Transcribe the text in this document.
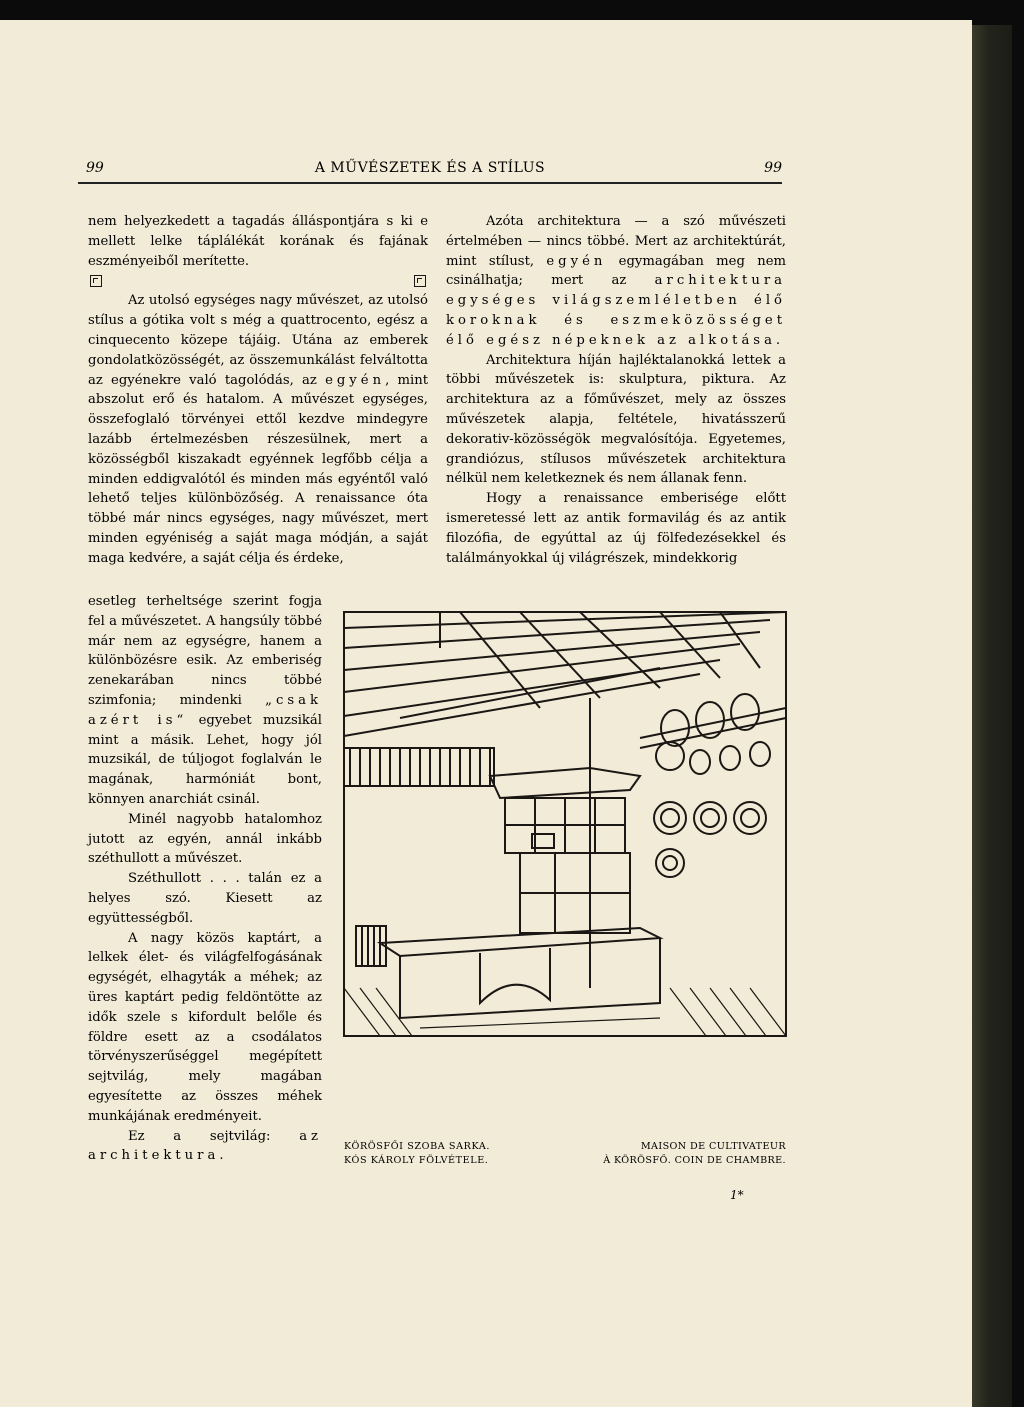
99	A MŰVÉSZETEK ÉS A STÍLUS	99

nem helyezkedett a tagadás álláspontjára s ki e mellett lelke táplálékát korának és fajának eszményeiből merítette.

Az utolsó egységes nagy művészet, az utolsó stílus a gótika volt s még a quattrocento, egész a cinquecento közepe tájáig. Utána az emberek gondolatközösségét, az összemunkálást felváltotta az egyénekre való tagolódás, az egyén, mint abszolut erő és hatalom. A művészet egységes, összefoglaló törvényei ettől kezdve mindegyre lazább értelmezésben részesülnek, mert a közösségből kiszakadt egyénnek legfőbb célja a minden eddigvalótól és minden más egyéntől való lehető teljes különbözőség. A renaissance óta többé már nincs egységes, nagy művészet, mert minden egyéniség a saját maga módján, a saját maga kedvére, a saját célja és érdeke,

esetleg terheltsége szerint fogja fel a művészetet. A hangsúly többé már nem az egységre, hanem a különbözésre esik. Az emberiség zenekarában nincs többé szimfonia; mindenki „csak azért is“ egyebet muzsikál mint a másik. Lehet, hogy jól muzsikál, de túljogot foglalván le magának, harmóniát bont, könnyen anarchiát csinál.

Minél nagyobb hatalomhoz jutott az egyén, annál inkább széthullott a művészet.

Széthullott . . . talán ez a helyes szó. Kiesett az együttességből.

A nagy közös kaptárt, a lelkek élet- és világfelfogásának egységét, elhagyták a méhek; az üres kaptárt pedig feldöntötte az idők szele s kifordult belőle és földre esett az a csodálatos törvényszerűséggel megépített sejtvilág, mely magában egyesítette az összes méhek munkájának eredményeit.

Ez a sejtvilág: az architektura.

Azóta architektura — a szó művészeti értelmében — nincs többé. Mert az architektúrát, mint stílust, egyén egymagában meg nem csinálhatja; mert az architektura egységes világszemléletben élő koroknak és eszmeközösséget élő egész népeknek az alkotása.

Architektura híján hajléktalanokká lettek a többi művészetek is: skulptura, piktura. Az architektura az a főművészet, mely az összes művészetek alapja, feltétele, hivatásszerű dekorativ-közösségök megvalósítója. Egyetemes, grandiózus, stílusos művészetek architektura nélkül nem keletkeznek és nem állanak fenn.

Hogy a renaissance emberisége előtt ismeretessé lett az antik formavilág és az antik filozófia, de egyúttal az új fölfedezésekkel és találmányokkal új világrészek, mindekkorig

KÖRÖSFŐI SZOBA SARKA.
KÓS KÁROLY FÖLVÉTELE.
MAISON DE CULTIVATEUR
À KÖRÖSFŐ. COIN DE CHAMBRE.
1*
